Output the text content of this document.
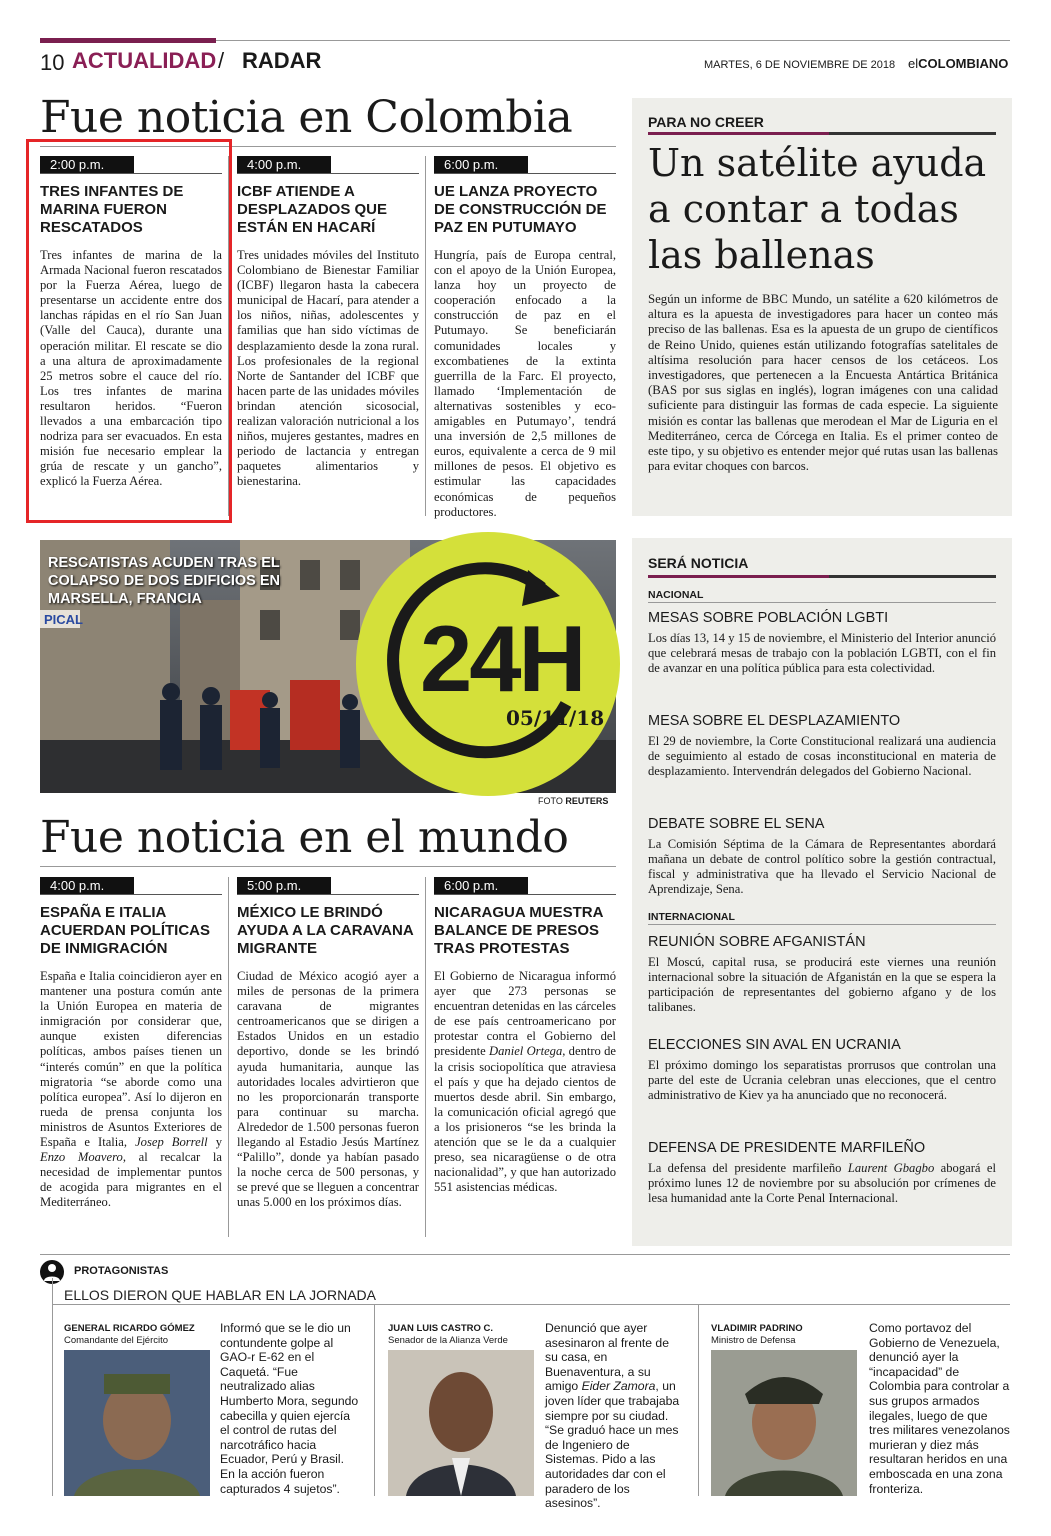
10 ACTUALIDAD / RADAR	MARTES, 6 DE NOVIEMBRE DE 2018 elCOLOMBIANO
Fue noticia en Colombia
2:00 p.m.
TRES INFANTES DE MARINA FUERON RESCATADOS
Tres infantes de marina de la Armada Nacional fueron rescatados por la Fuerza Aérea, luego de presentarse un accidente entre dos lanchas rápidas en el río San Juan (Valle del Cauca), durante una operación militar. El rescate se dio a una altura de aproximadamente 25 metros sobre el cauce del río. Los tres infantes de marina resultaron heridos. “Fueron llevados a una embarcación tipo nodriza para ser evacuados. En esta misión fue necesario emplear la grúa de rescate y un gancho”, explicó la Fuerza Aérea.
4:00 p.m.
ICBF ATIENDE A DESPLAZADOS QUE ESTÁN EN HACARÍ
Tres unidades móviles del Instituto Colombiano de Bienestar Familiar (ICBF) llegaron hasta la cabecera municipal de Hacarí, para atender a los niños, niñas, adolescentes y familias que han sido víctimas de desplazamiento desde la zona rural. Los profesionales de la regional Norte de Santander del ICBF que hacen parte de las unidades móviles brindan atención sicosocial, realizan valoración nutricional a los niños, mujeres gestantes, madres en periodo de lactancia y entregan paquetes alimentarios y bienestarina.
6:00 p.m.
UE LANZA PROYECTO DE CONSTRUCCIÓN DE PAZ EN PUTUMAYO
Hungría, país de Europa central, con el apoyo de la Unión Europea, lanza hoy un proyecto de cooperación enfocado a la construcción de paz en el Putumayo. Se beneficiarán comunidades locales y excombatienes de la extinta guerrilla de la Farc. El proyecto, llamado ‘Implementación de alternativas sostenibles y eco-amigables en Putumayo’, tendrá una inversión de 2,5 millones de euros, equivalente a cerca de 9 mil millones de pesos. El objetivo es estimular las capacidades económicas de pequeños productores.
PARA NO CREER
Un satélite ayuda a contar a todas las ballenas
Según un informe de BBC Mundo, un satélite a 620 kilómetros de altura es la apuesta de investigadores para hacer un conteo más preciso de las ballenas. Esa es la apuesta de un grupo de científicos de Reino Unido, quienes están utilizando fotografías satelitales de altísima resolución para hacer censos de los cetáceos. Los investigadores, que pertenecen a la Encuesta Antártica Británica (BAS por sus siglas en inglés), logran imágenes con una calidad suficiente para distinguir las formas de cada especie. La siguiente misión es contar las ballenas que merodean el Mar de Liguria en el Mediterráneo, cerca de Córcega en Italia. Es el primer conteo de este tipo, y su objetivo es entender mejor qué rutas usan las ballenas para evitar choques con barcos.
PICAL
RESCATISTAS ACUDEN TRAS EL COLAPSO DE DOS EDIFICIOS EN MARSELLA, FRANCIA
24H
05/11/18
FOTO REUTERS
SERÁ NOTICIA
NACIONAL
MESAS SOBRE POBLACIÓN LGBTI
Los días 13, 14 y 15 de noviembre, el Ministerio del Interior anunció que celebrará mesas de trabajo con la población LGBTI, con el fin de avanzar en una política pública para esta colectividad.
MESA SOBRE EL DESPLAZAMIENTO
El 29 de noviembre, la Corte Constitucional realizará una audiencia de seguimiento al estado de cosas inconstitucional en materia de desplazamiento. Intervendrán delegados del Gobierno Nacional.
DEBATE SOBRE EL SENA
La Comisión Séptima de la Cámara de Representantes abordará mañana un debate de control político sobre la gestión contractual, fiscal y administrativa que ha llevado el Servicio Nacional de Aprendizaje, Sena.
INTERNACIONAL
REUNIÓN SOBRE AFGANISTÁN
El Moscú, capital rusa, se producirá este viernes una reunión internacional sobre la situación de Afganistán en la que se espera la participación de representantes del gobierno afgano y de los talibanes.
ELECCIONES SIN AVAL EN UCRANIA
El próximo domingo los separatistas prorrusos que controlan una parte del este de Ucrania celebran unas elecciones, que el centro administrativo de Kiev ya ha anunciado que no reconocerá.
DEFENSA DE PRESIDENTE MARFILEÑO
La defensa del presidente marfileño Laurent Gbagbo abogará el próximo lunes 12 de noviembre por su absolución por crímenes de lesa humanidad ante la Corte Penal Internacional.
Fue noticia en el mundo
4:00 p.m.
ESPAÑA E ITALIA ACUERDAN POLÍTICAS DE INMIGRACIÓN
España e Italia coincidieron ayer en mantener una postura común ante la Unión Europea en materia de inmigración por considerar que, aunque existen diferencias políticas, ambos países tienen un “interés común” en que la política migratoria “se aborde como una política europea”. Así lo dijeron en rueda de prensa conjunta los ministros de Asuntos Exteriores de España e Italia, Josep Borrell y Enzo Moavero, al recalcar la necesidad de implementar puntos de acogida para migrantes en el Mediterráneo.
5:00 p.m.
MÉXICO LE BRINDÓ AYUDA A LA CARAVANA MIGRANTE
Ciudad de México acogió ayer a miles de personas de la primera caravana de migrantes centroamericanos que se dirigen a Estados Unidos en un estadio deportivo, donde se les brindó ayuda humanitaria, aunque las autoridades locales advirtieron que no les proporcionarán transporte para continuar su marcha. Alrededor de 1.500 personas fueron llegando al Estadio Jesús Martínez “Palillo”, donde ya habían pasado la noche cerca de 500 personas, y se prevé que se lleguen a concentrar unas 5.000 en los próximos días.
6:00 p.m.
NICARAGUA MUESTRA BALANCE DE PRESOS TRAS PROTESTAS
El Gobierno de Nicaragua informó ayer que 273 personas se encuentran detenidas en las cárceles de ese país centroamericano por protestar contra el Gobierno del presidente Daniel Ortega, dentro de la crisis sociopolítica que atraviesa el país y que ha dejado cientos de muertos desde abril. Sin embargo, la comunicación oficial agregó que a los prisioneros “se les brinda la atención que se le da a cualquier preso, sea nicaragüense o de otra nacionalidad”, y que han autorizado 551 asistencias médicas.
PROTAGONISTAS
ELLOS DIERON QUE HABLAR EN LA JORNADA
GENERAL RICARDO GÓMEZ
Comandante del Ejército
Informó que se le dio un contundente golpe al GAO-r E-62 en el Caquetá. “Fue neutralizado alias Humberto Mora, segundo cabecilla y quien ejercía el control de rutas del narcotráfico hacia Ecuador, Perú y Brasil. En la acción fueron capturados 4 sujetos”.
JUAN LUIS CASTRO C.
Senador de la Alianza Verde
Denunció que ayer asesinaron al frente de su casa, en Buenaventura, a su amigo Eider Zamora, un joven líder que trabajaba siempre por su ciudad. “Se graduó hace un mes de Ingeniero de Sistemas. Pido a las autoridades dar con el paradero de los asesinos”.
VLADIMIR PADRINO
Ministro de Defensa
Como portavoz del Gobierno de Venezuela, denunció ayer la “incapacidad” de Colombia para controlar a sus grupos armados ilegales, luego de que tres militares venezolanos murieran y diez más resultaran heridos en una emboscada en una zona fronteriza.
